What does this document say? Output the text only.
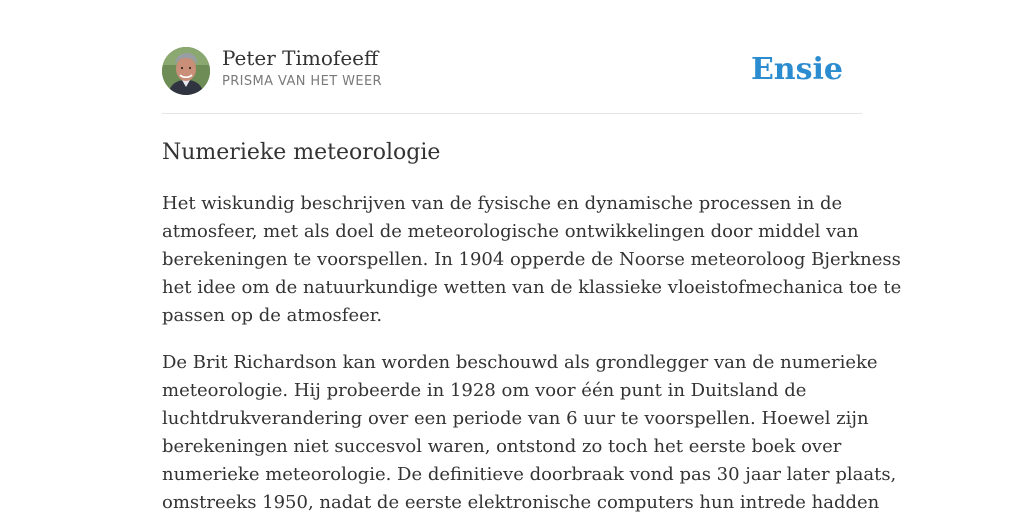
Peter Timofeeff
PRISMA VAN HET WEER	Ensie
Numerieke meteorologie

Het wiskundig beschrijven van de fysische en dynamische processen in de
atmosfeer, met als doel de meteorologische ontwikkelingen door middel van
berekeningen te voorspellen. In 1904 opperde de Noorse meteoroloog Bjerkness
het idee om de natuurkundige wetten van de klassieke vloeistofmechanica toe te
passen op de atmosfeer.

De Brit Richardson kan worden beschouwd als grondlegger van de numerieke
meteorologie. Hij probeerde in 1928 om voor één punt in Duitsland de
luchtdrukverandering over een periode van 6 uur te voorspellen. Hoewel zijn
berekeningen niet succesvol waren, ontstond zo toch het eerste boek over
numerieke meteorologie. De definitieve doorbraak vond pas 30 jaar later plaats,
omstreeks 1950, nadat de eerste elektronische computers hun intrede hadden
